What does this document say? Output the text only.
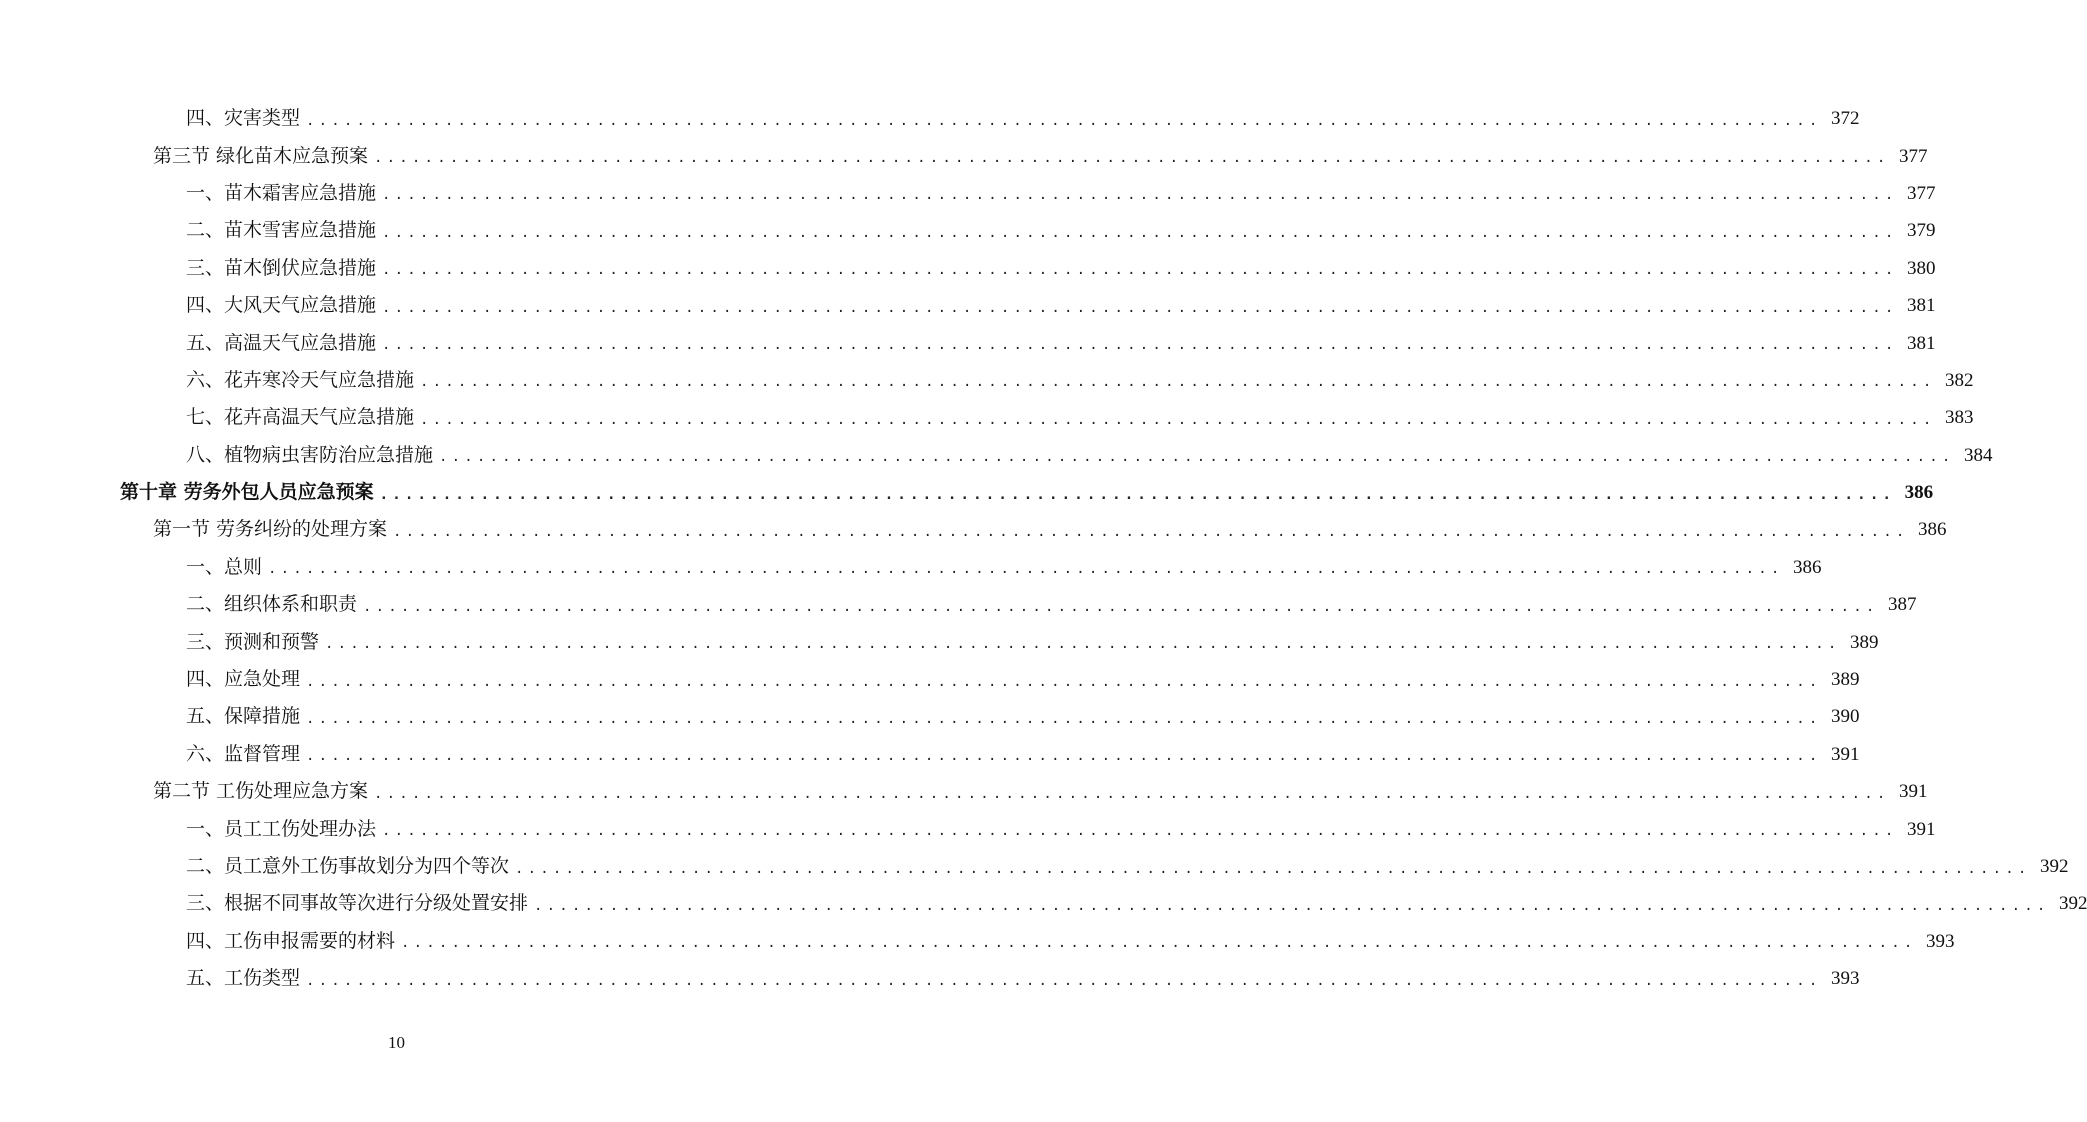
四、灾害类型 ........................................................................................................................ 372
第三节 绿化苗木应急预案 ........................................................................................................................ 377
一、苗木霜害应急措施 ........................................................................................................................ 377
二、苗木雪害应急措施 ........................................................................................................................ 379
三、苗木倒伏应急措施 ........................................................................................................................ 380
四、大风天气应急措施 ........................................................................................................................ 381
五、高温天气应急措施 ........................................................................................................................ 381
六、花卉寒冷天气应急措施 ........................................................................................................................ 382
七、花卉高温天气应急措施 ........................................................................................................................ 383
八、植物病虫害防治应急措施 ........................................................................................................................ 384
第十章 劳务外包人员应急预案 ........................................................................................................................ 386
第一节 劳务纠纷的处理方案 ........................................................................................................................ 386
一、总则 ........................................................................................................................ 386
二、组织体系和职责 ........................................................................................................................ 387
三、预测和预警 ........................................................................................................................ 389
四、应急处理 ........................................................................................................................ 389
五、保障措施 ........................................................................................................................ 390
六、监督管理 ........................................................................................................................ 391
第二节 工伤处理应急方案 ........................................................................................................................ 391
一、员工工伤处理办法 ........................................................................................................................ 391
二、员工意外工伤事故划分为四个等次 ........................................................................................................................ 392
三、根据不同事故等次进行分级处置安排 ........................................................................................................................ 392
四、工伤申报需要的材料 ........................................................................................................................ 393
五、工伤类型 ........................................................................................................................ 393
10
